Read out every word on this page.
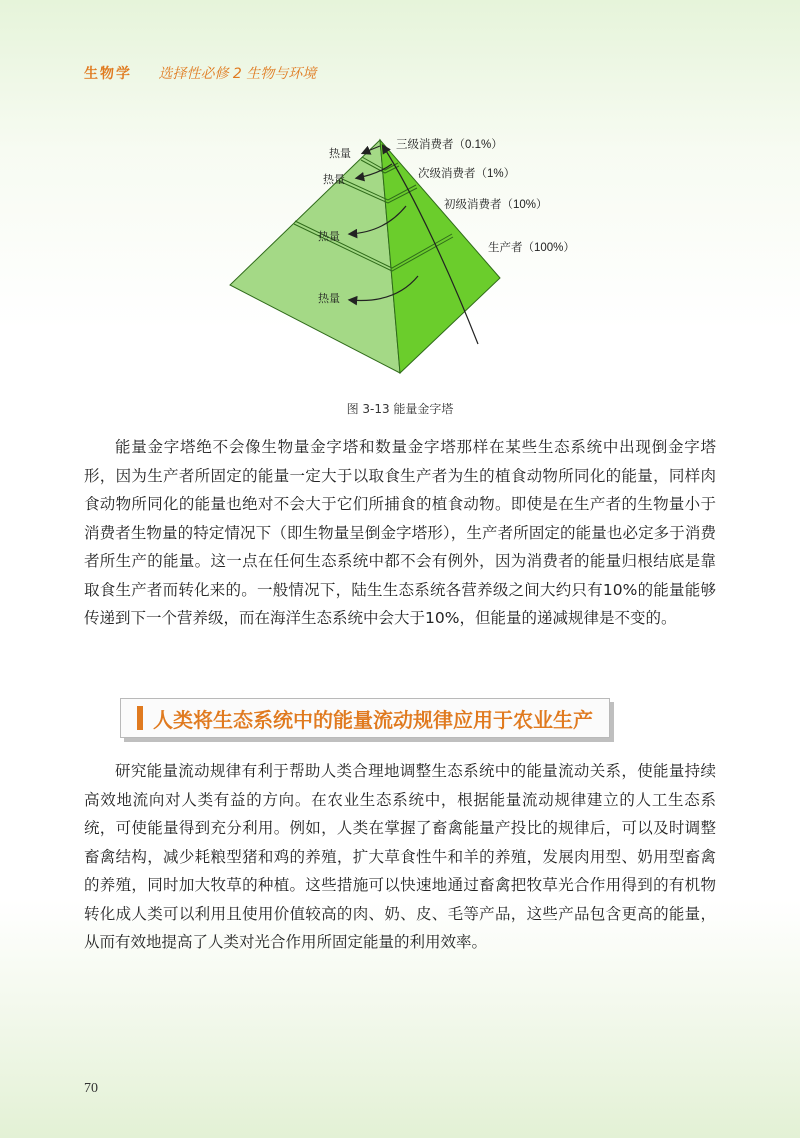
生物学 选择性必修 2 生物与环境
热量
热量
热量
热量
三级消费者（0.1%）
次级消费者（1%）
初级消费者（10%）
生产者（100%）
图 3-13 能量金字塔

能量金字塔绝不会像生物量金字塔和数量金字塔那样在某些生态系统中出现倒金字塔形，因为生产者所固定的能量一定大于以取食生产者为生的植食动物所同化的能量，同样肉食动物所同化的能量也绝对不会大于它们所捕食的植食动物。即使是在生产者的生物量小于消费者生物量的特定情况下（即生物量呈倒金字塔形），生产者所固定的能量也必定多于消费者所生产的能量。这一点在任何生态系统中都不会有例外，因为消费者的能量归根结底是靠取食生产者而转化来的。一般情况下，陆生生态系统各营养级之间大约只有10%的能量能够传递到下一个营养级，而在海洋生态系统中会大于10%，但能量的递减规律是不变的。

人类将生态系统中的能量流动规律应用于农业生产

研究能量流动规律有利于帮助人类合理地调整生态系统中的能量流动关系，使能量持续高效地流向对人类有益的方向。在农业生态系统中，根据能量流动规律建立的人工生态系统，可使能量得到充分利用。例如，人类在掌握了畜禽能量产投比的规律后，可以及时调整畜禽结构，减少耗粮型猪和鸡的养殖，扩大草食性牛和羊的养殖，发展肉用型、奶用型畜禽的养殖，同时加大牧草的种植。这些措施可以快速地通过畜禽把牧草光合作用得到的有机物转化成人类可以利用且使用价值较高的肉、奶、皮、毛等产品，这些产品包含更高的能量，从而有效地提高了人类对光合作用所固定能量的利用效率。

70
